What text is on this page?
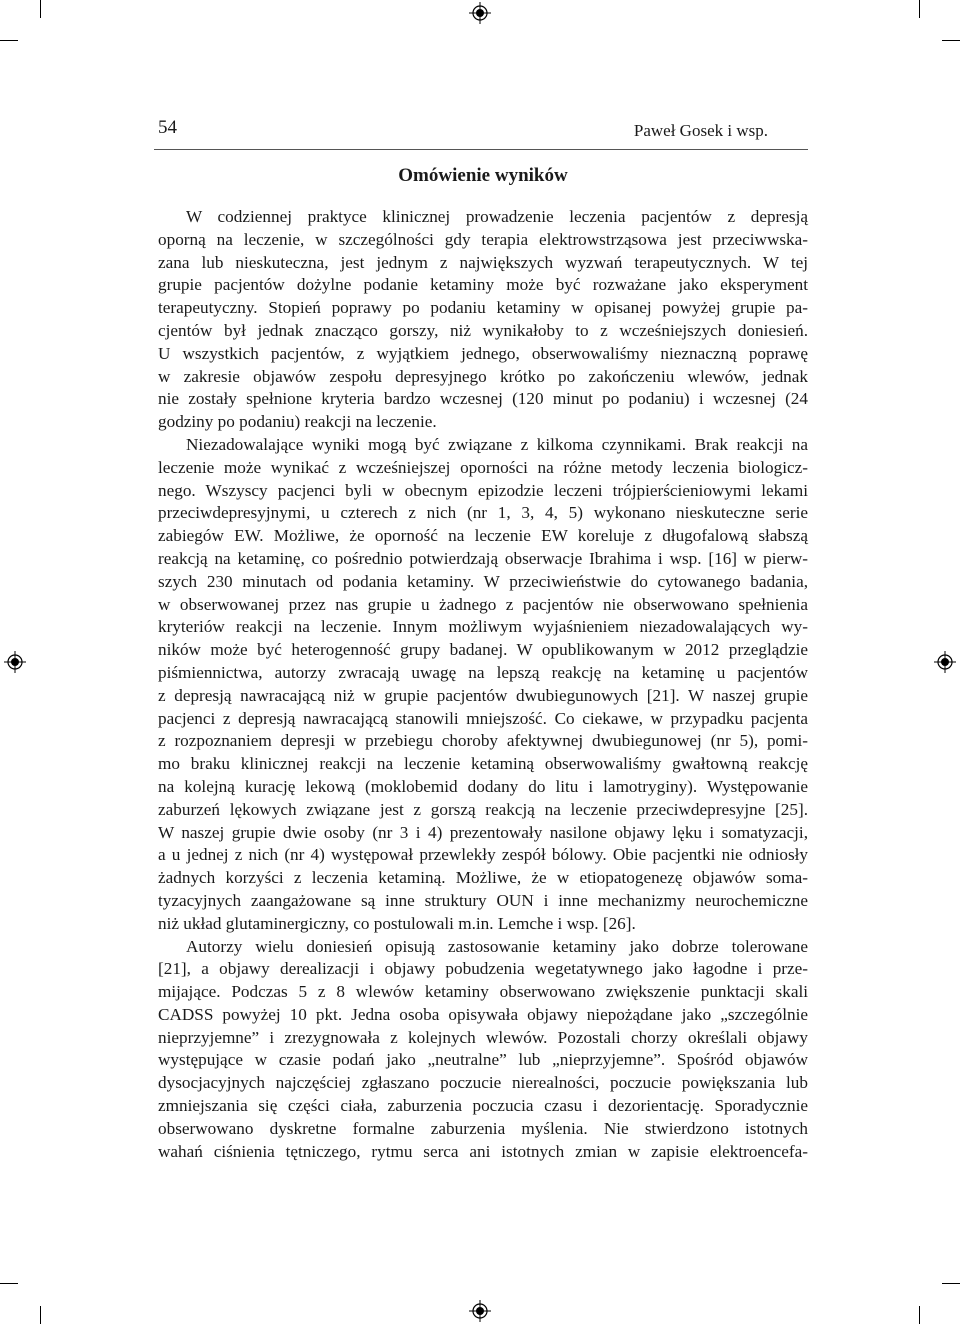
54	Paweł Gosek i wsp.
Omówienie wyników
W codziennej praktyce klinicznej prowadzenie leczenia pacjentów z depresją
oporną na leczenie, w szczególności gdy terapia elektrowstrząsowa jest przeciwwska-
zana lub nieskuteczna, jest jednym z największych wyzwań terapeutycznych. W tej
grupie pacjentów dożylne podanie ketaminy może być rozważane jako eksperyment
terapeutyczny. Stopień poprawy po podaniu ketaminy w opisanej powyżej grupie pa-
cjentów był jednak znacząco gorszy, niż wynikałoby to z wcześniejszych doniesień.
U wszystkich pacjentów, z wyjątkiem jednego, obserwowaliśmy nieznaczną poprawę
w zakresie objawów zespołu depresyjnego krótko po zakończeniu wlewów, jednak
nie zostały spełnione kryteria bardzo wczesnej (120 minut po podaniu) i wczesnej (24
godziny po podaniu) reakcji na leczenie.
Niezadowalające wyniki mogą być związane z kilkoma czynnikami. Brak reakcji na
leczenie może wynikać z wcześniejszej oporności na różne metody leczenia biologicz-
nego. Wszyscy pacjenci byli w obecnym epizodzie leczeni trójpierścieniowymi lekami
przeciwdepresyjnymi, u czterech z nich (nr 1, 3, 4, 5) wykonano nieskuteczne serie
zabiegów EW. Możliwe, że oporność na leczenie EW koreluje z długofalową słabszą
reakcją na ketaminę, co pośrednio potwierdzają obserwacje Ibrahima i wsp. [16] w pierw-
szych 230 minutach od podania ketaminy. W przeciwieństwie do cytowanego badania,
w obserwowanej przez nas grupie u żadnego z pacjentów nie obserwowano spełnienia
kryteriów reakcji na leczenie. Innym możliwym wyjaśnieniem niezadowalających wy-
ników może być heterogenność grupy badanej. W opublikowanym w 2012 przeglądzie
piśmiennictwa, autorzy zwracają uwagę na lepszą reakcję na ketaminę u pacjentów
z depresją nawracającą niż w grupie pacjentów dwubiegunowych [21]. W naszej grupie
pacjenci z depresją nawracającą stanowili mniejszość. Co ciekawe, w przypadku pacjenta
z rozpoznaniem depresji w przebiegu choroby afektywnej dwubiegunowej (nr 5), pomi-
mo braku klinicznej reakcji na leczenie ketaminą obserwowaliśmy gwałtowną reakcję
na kolejną kurację lekową (moklobemid dodany do litu i lamotryginy). Występowanie
zaburzeń lękowych związane jest z gorszą reakcją na leczenie przeciwdepresyjne [25].
W naszej grupie dwie osoby (nr 3 i 4) prezentowały nasilone objawy lęku i somatyzacji,
a u jednej z nich (nr 4) występował przewlekły zespół bólowy. Obie pacjentki nie odniosły
żadnych korzyści z leczenia ketaminą. Możliwe, że w etiopatogenezę objawów soma-
tyzacyjnych zaangażowane są inne struktury OUN i inne mechanizmy neurochemiczne
niż układ glutaminergiczny, co postulowali m.in. Lemche i wsp. [26].
Autorzy wielu doniesień opisują zastosowanie ketaminy jako dobrze tolerowane
[21], a objawy derealizacji i objawy pobudzenia wegetatywnego jako łagodne i prze-
mijające. Podczas 5 z 8 wlewów ketaminy obserwowano zwiększenie punktacji skali
CADSS powyżej 10 pkt. Jedna osoba opisywała objawy niepożądane jako „szczególnie
nieprzyjemne” i zrezygnowała z kolejnych wlewów. Pozostali chorzy określali objawy
występujące w czasie podań jako „neutralne” lub „nieprzyjemne”. Spośród objawów
dysocjacyjnych najczęściej zgłaszano poczucie nierealności, poczucie powiększania lub
zmniejszania się części ciała, zaburzenia poczucia czasu i dezorientację. Sporadycznie
obserwowano dyskretne formalne zaburzenia myślenia. Nie stwierdzono istotnych
wahań ciśnienia tętniczego, rytmu serca ani istotnych zmian w zapisie elektroencefa-
